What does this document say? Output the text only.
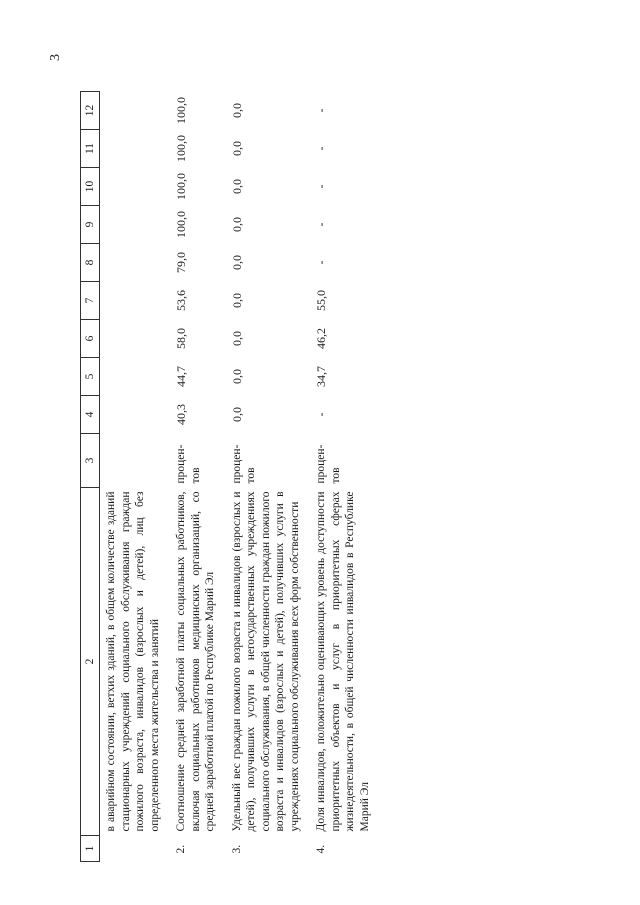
3
1	2	3	4	5	6	7	8	9	10	11	12
	в аварийном состоянии, ветхих зданий, в общем количестве зданий стационарных учреждений социального обслуживания граждан пожилого возраста, инвалидов (взрослых и детей), лиц без определенного места жительства и занятий										
2.	Соотношение средней заработной платы социальных работников, включая социальных работников медицинских организаций, со средней заработной платой по Республике Марий Эл	процен-тов	40,3	44,7	58,0	53,6	79,0	100,0	100,0	100,0	100,0
3.	Удельный вес граждан пожилого возраста и инвалидов (взрослых и детей), получивших услуги в негосударственных учреждениях социального обслуживания, в общей численности граждан пожилого возраста и инвалидов (взрослых и детей), получивших услуги в учреждениях социального обслуживания всех форм собственности	процен-тов	0,0	0,0	0,0	0,0	0,0	0,0	0,0	0,0	0,0
4.	Доля инвалидов, положительно оценивающих уровень доступности приоритетных объектов и услуг в приоритетных сферах жизнедеятельности, в общей численности инвалидов в Республике Марий Эл	процен-тов	-	34,7	46,2	55,0	-	-	-	-	-
